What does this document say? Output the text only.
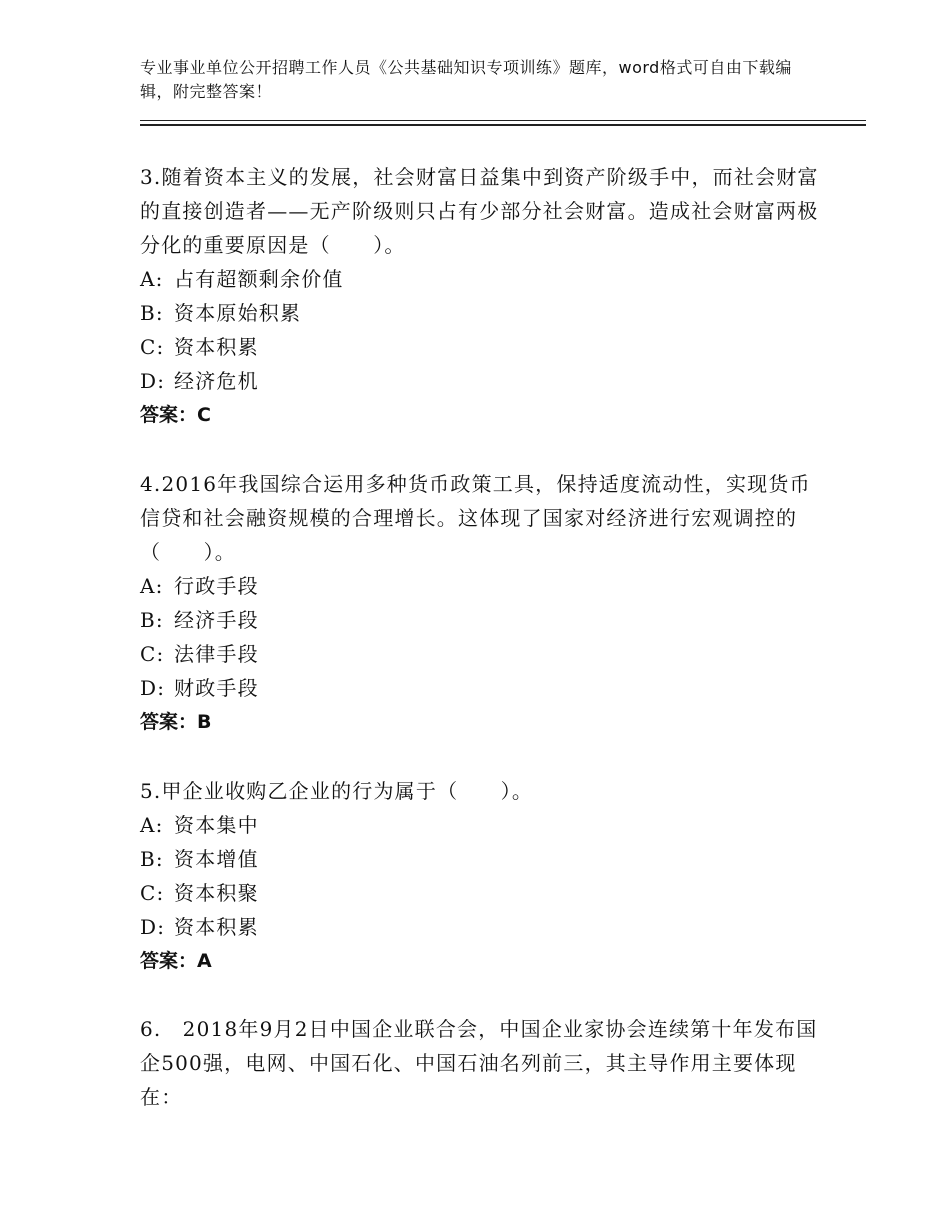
专业事业单位公开招聘工作人员《公共基础知识专项训练》题库，word格式可自由下载编辑，附完整答案！

3.随着资本主义的发展，社会财富日益集中到资产阶级手中，而社会财富的直接创造者——无产阶级则只占有少部分社会财富。造成社会财富两极分化的重要原因是（　　）。

A: 占有超额剩余价值

B: 资本原始积累

C: 资本积累

D: 经济危机

答案：C

4.2016年我国综合运用多种货币政策工具，保持适度流动性，实现货币信贷和社会融资规模的合理增长。这体现了国家对经济进行宏观调控的（　　）。

A: 行政手段

B: 经济手段

C: 法律手段

D: 财政手段

答案：B

5.甲企业收购乙企业的行为属于（　　）。

A: 资本集中

B: 资本增值

C: 资本积聚

D: 资本积累

答案：A

6.　2018年9月2日中国企业联合会，中国企业家协会连续第十年发布国企500强，电网、中国石化、中国石油名列前三，其主导作用主要体现在：
